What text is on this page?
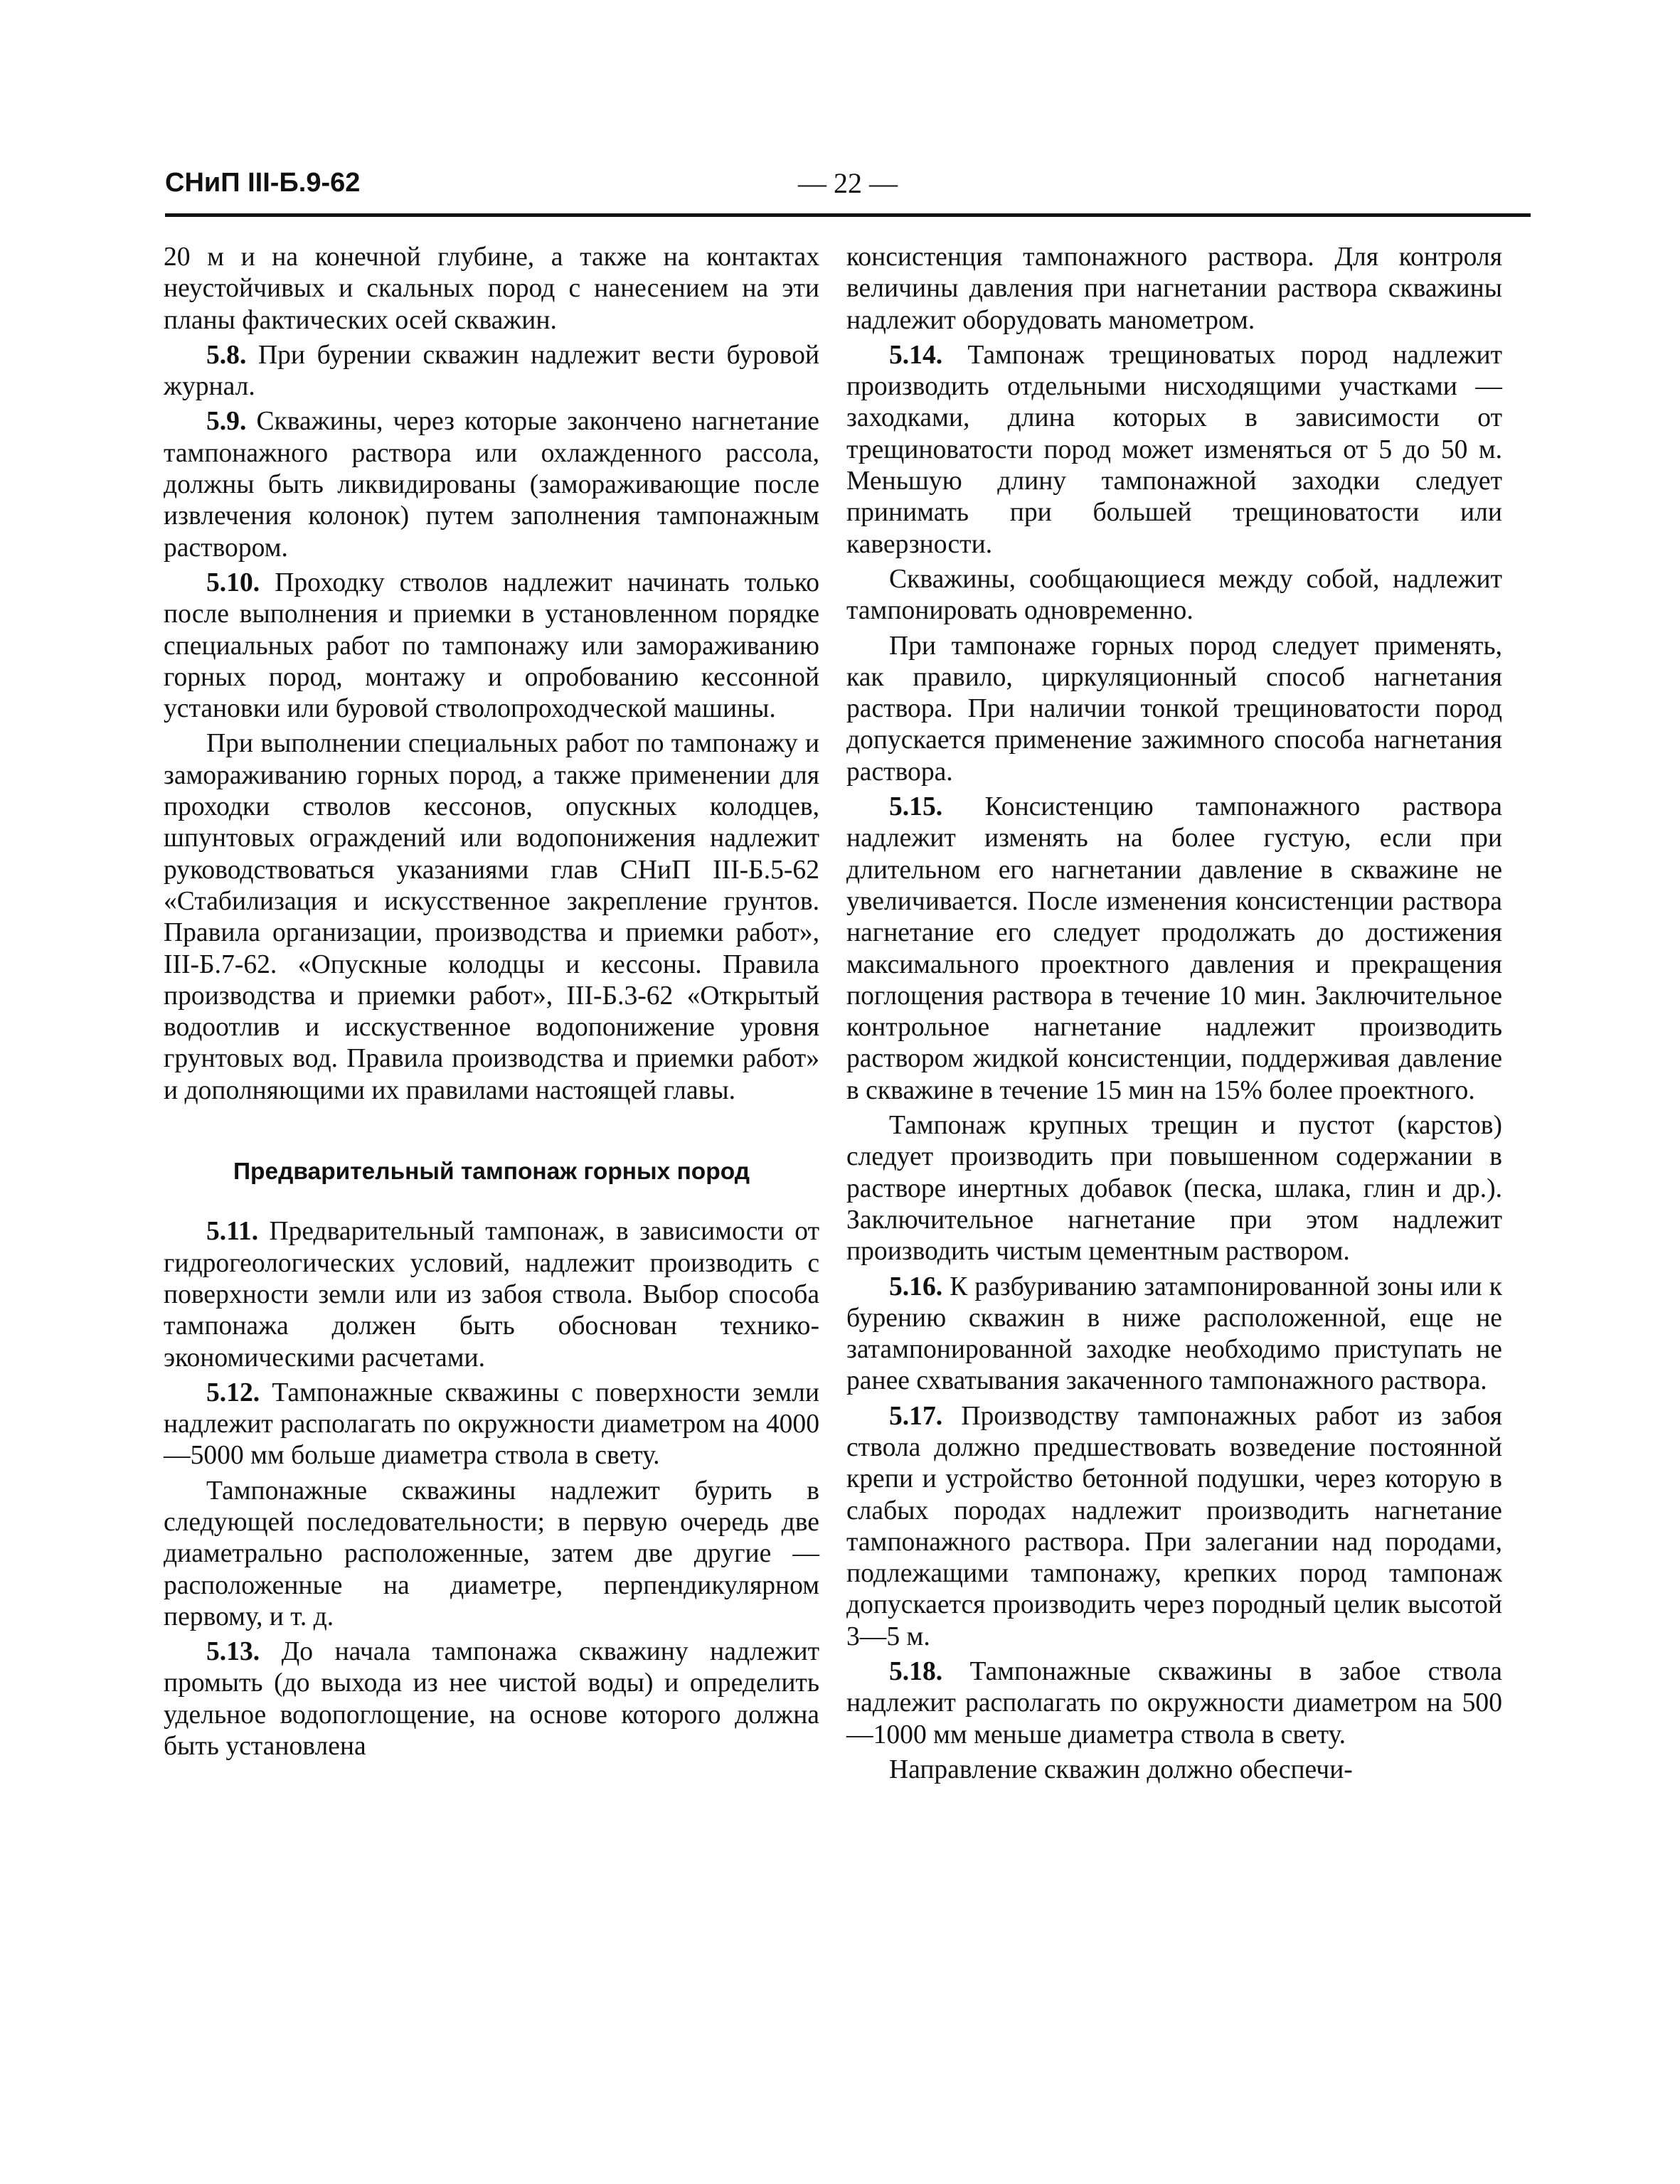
СНиП III-Б.9-62	— 22 —

20 м и на конечной глубине, а также на контактах неустойчивых и скальных пород с нанесением на эти планы фактических осей скважин.

5.8. При бурении скважин надлежит вести буровой журнал.

5.9. Скважины, через которые закончено нагнетание тампонажного раствора или охлажденного рассола, должны быть ликвидированы (замораживающие после извлечения колонок) путем заполнения тампонажным раствором.

5.10. Проходку стволов надлежит начинать только после выполнения и приемки в установленном порядке специальных работ по тампонажу или замораживанию горных пород, монтажу и опробованию кессонной установки или буровой стволопроходческой машины.

При выполнении специальных работ по тампонажу и замораживанию горных пород, а также применении для проходки стволов кессонов, опускных колодцев, шпунтовых ограждений или водопонижения надлежит руководствоваться указаниями глав СНиП III-Б.5-62 «Стабилизация и искусственное закрепление грунтов. Правила организации, производства и приемки работ», III-Б.7-62. «Опускные колодцы и кессоны. Правила производства и приемки работ», III-Б.3-62 «Открытый водоотлив и исскуственное водопонижение уровня грунтовых вод. Правила производства и приемки работ» и дополняющими их правилами настоящей главы.

Предварительный тампонаж горных пород

5.11. Предварительный тампонаж, в зависимости от гидрогеологических условий, надлежит производить с поверхности земли или из забоя ствола. Выбор способа тампонажа должен быть обоснован технико-экономическими расчетами.

5.12. Тампонажные скважины с поверхности земли надлежит располагать по окружности диаметром на 4000—5000 мм больше диаметра ствола в свету.

Тампонажные скважины надлежит бурить в следующей последовательности; в первую очередь две диаметрально расположенные, затем две другие — расположенные на диаметре, перпендикулярном первому, и т. д.

5.13. До начала тампонажа скважину надлежит промыть (до выхода из нее чистой воды) и определить удельное водопоглощение, на основе которого должна быть установлена

консистенция тампонажного раствора. Для контроля величины давления при нагнетании раствора скважины надлежит оборудовать манометром.

5.14. Тампонаж трещиноватых пород надлежит производить отдельными нисходящими участками — заходками, длина которых в зависимости от трещиноватости пород может изменяться от 5 до 50 м. Меньшую длину тампонажной заходки следует принимать при большей трещиноватости или каверзности.

Скважины, сообщающиеся между собой, надлежит тампонировать одновременно.

При тампонаже горных пород следует применять, как правило, циркуляционный способ нагнетания раствора. При наличии тонкой трещиноватости пород допускается применение зажимного способа нагнетания раствора.

5.15. Консистенцию тампонажного раствора надлежит изменять на более густую, если при длительном его нагнетании давление в скважине не увеличивается. После изменения консистенции раствора нагнетание его следует продолжать до достижения максимального проектного давления и прекращения поглощения раствора в течение 10 мин. Заключительное контрольное нагнетание надлежит производить раствором жидкой консистенции, поддерживая давление в скважине в течение 15 мин на 15% более проектного.

Тампонаж крупных трещин и пустот (карстов) следует производить при повышенном содержании в растворе инертных добавок (песка, шлака, глин и др.). Заключительное нагнетание при этом надлежит производить чистым цементным раствором.

5.16. К разбуриванию затампонированной зоны или к бурению скважин в ниже расположенной, еще не затампонированной заходке необходимо приступать не ранее схватывания закаченного тампонажного раствора.

5.17. Производству тампонажных работ из забоя ствола должно предшествовать возведение постоянной крепи и устройство бетонной подушки, через которую в слабых породах надлежит производить нагнетание тампонажного раствора. При залегании над породами, подлежащими тампонажу, крепких пород тампонаж допускается производить через породный целик высотой 3—5 м.

5.18. Тампонажные скважины в забое ствола надлежит располагать по окружности диаметром на 500—1000 мм меньше диаметра ствола в свету.

Направление скважин должно обеспечи-
